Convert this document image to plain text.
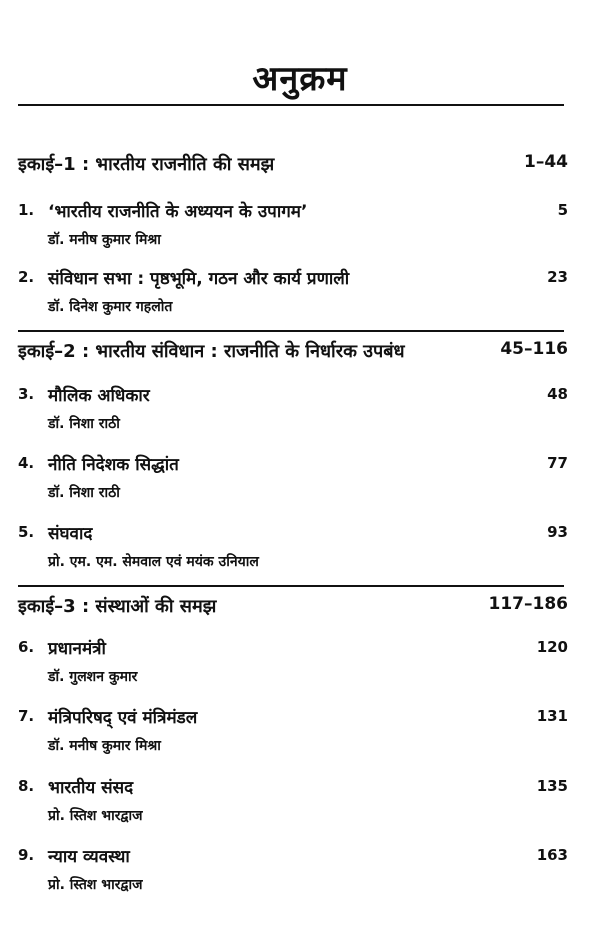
अनुक्रम
इकाई–1 : भारतीय राजनीति की समझ	1–44
1. ‘भारतीय राजनीति के अध्ययन के उपागम’	5
डॉ. मनीष कुमार मिश्रा
2. संविधान सभा : पृष्ठभूमि, गठन और कार्य प्रणाली	23
डॉ. दिनेश कुमार गहलोत
इकाई–2 : भारतीय संविधान : राजनीति के निर्धारक उपबंध	45–116
3. मौलिक अधिकार	48
डॉ. निशा राठी
4. नीति निदेशक सिद्धांत	77
डॉ. निशा राठी
5. संघवाद	93
प्रो. एम. एम. सेमवाल एवं मयंक उनियाल
इकाई–3 : संस्थाओं की समझ	117–186
6. प्रधानमंत्री	120
डॉ. गुलशन कुमार
7. मंत्रिपरिषद् एवं मंत्रिमंडल	131
डॉ. मनीष कुमार मिश्रा
8. भारतीय संसद	135
प्रो. स्तिश भारद्वाज
9. न्याय व्यवस्था	163
प्रो. स्तिश भारद्वाज
